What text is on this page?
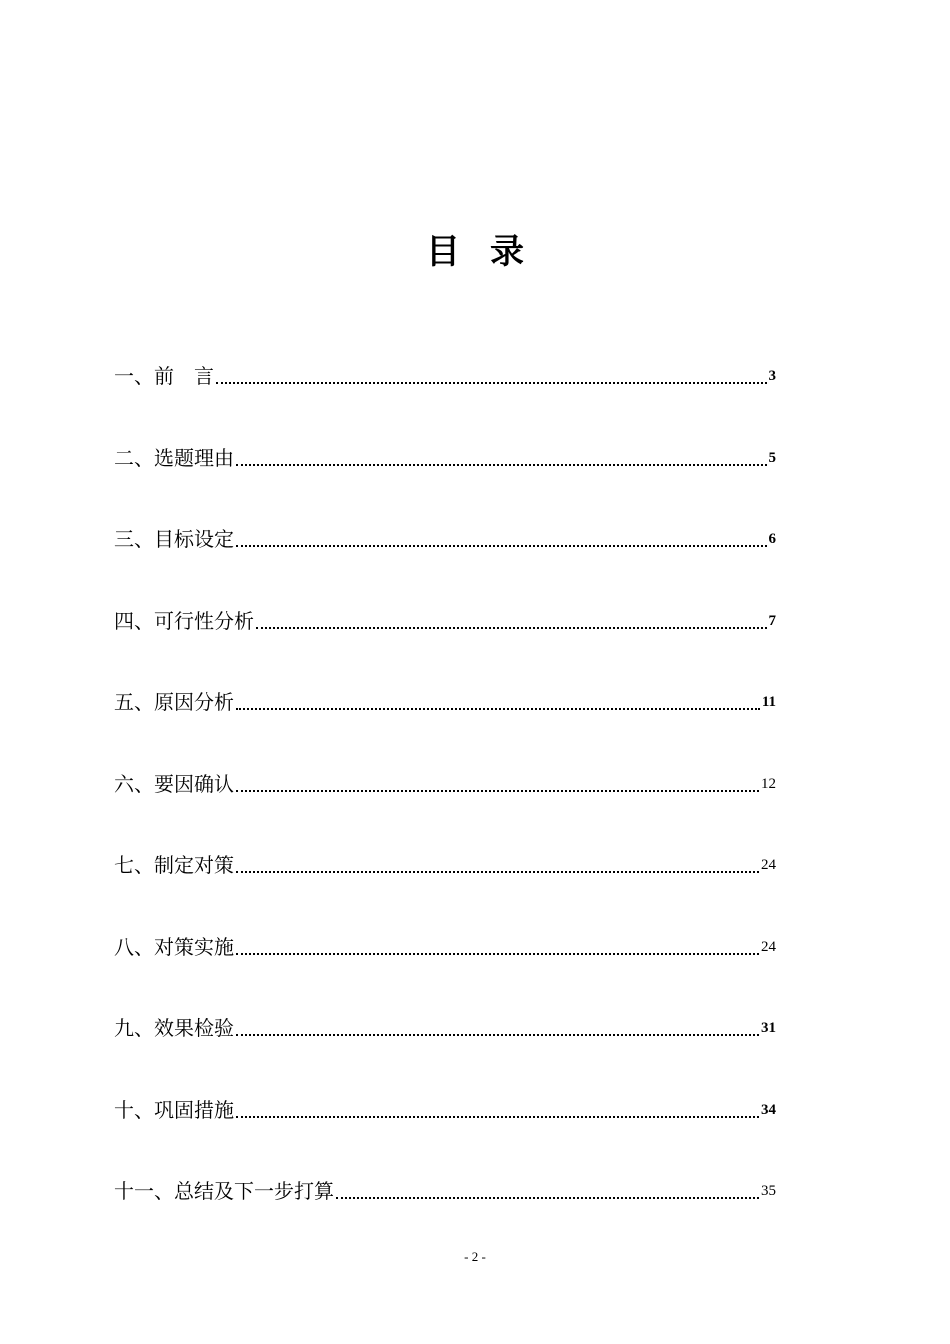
目录
一、前　言	3
二、选题理由	5
三、目标设定	6
四、可行性分析	7
五、原因分析	11
六、要因确认	12
七、制定对策	24
八、对策实施	24
九、效果检验	31
十、巩固措施	34
十一、总结及下一步打算	35
- 2 -
